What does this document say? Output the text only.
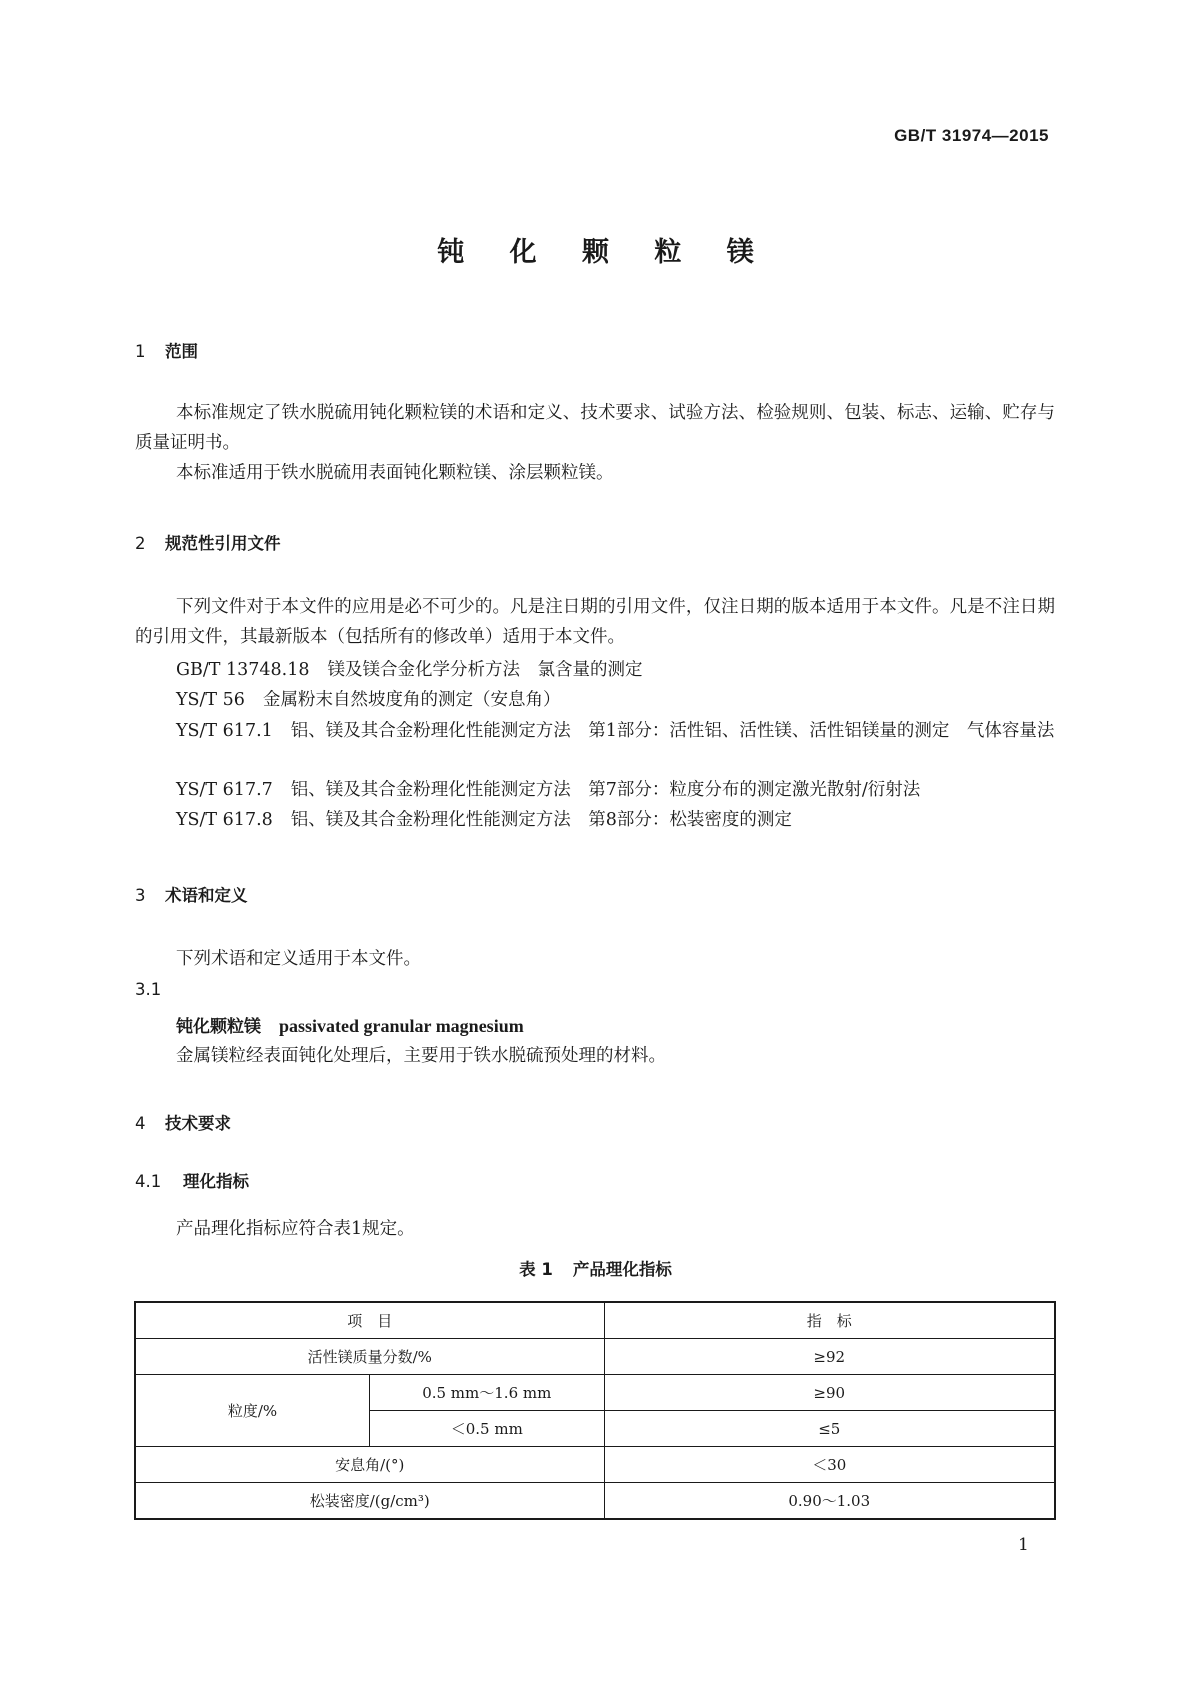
GB/T 31974—2015
钝 化 颗 粒 镁
1 范围
本标准规定了铁水脱硫用钝化颗粒镁的术语和定义、技术要求、试验方法、检验规则、包装、标志、运输、贮存与质量证明书。
本标准适用于铁水脱硫用表面钝化颗粒镁、涂层颗粒镁。
2 规范性引用文件
下列文件对于本文件的应用是必不可少的。凡是注日期的引用文件，仅注日期的版本适用于本文件。凡是不注日期的引用文件，其最新版本（包括所有的修改单）适用于本文件。
GB/T 13748.18 镁及镁合金化学分析方法　氯含量的测定
YS/T 56 金属粉末自然坡度角的测定（安息角）
YS/T 617.1 铝、镁及其合金粉理化性能测定方法　第1部分：活性铝、活性镁、活性铝镁量的测定　气体容量法
YS/T 617.7 铝、镁及其合金粉理化性能测定方法　第7部分：粒度分布的测定激光散射/衍射法
YS/T 617.8 铝、镁及其合金粉理化性能测定方法　第8部分：松装密度的测定
3 术语和定义
下列术语和定义适用于本文件。
3.1
钝化颗粒镁 passivated granular magnesium
金属镁粒经表面钝化处理后，主要用于铁水脱硫预处理的材料。
4 技术要求
4.1 理化指标
产品理化指标应符合表1规定。
表 1 产品理化指标
项　目		指　标
活性镁质量分数/%		≥92
粒度/%	0.5 mm～1.6 mm	≥90
	＜0.5 mm	≤5
安息角/(°)		＜30
松装密度/(g/cm³)		0.90～1.03
1
